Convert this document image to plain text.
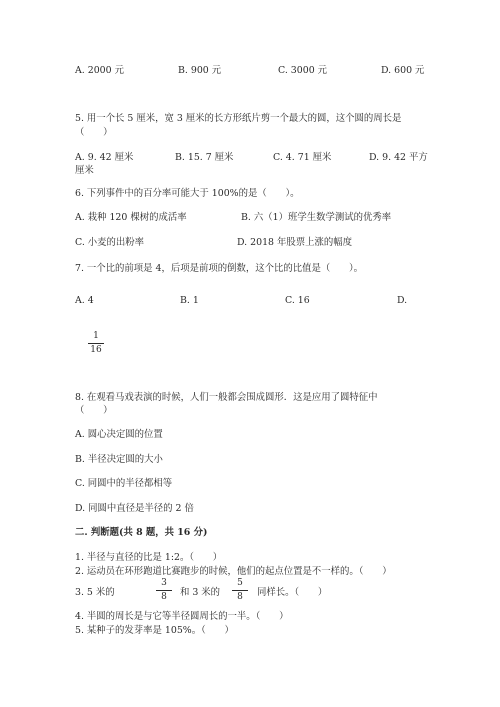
A. 2000 元	B. 900 元	C. 3000 元	D. 600 元
5. 用一个长 5 厘米，宽 3 厘米的长方形纸片剪一个最大的圆，这个圆的周长是
（　　）
A. 9. 42 厘米	B. 15. 7 厘米	C. 4. 71 厘米	D. 9. 42 平方
厘米
6. 下列事件中的百分率可能大于 100%的是（　　）。
A. 栽种 120 棵树的成活率	B. 六（1）班学生数学测试的优秀率
C. 小麦的出粉率	D. 2018 年股票上涨的幅度
7. 一个比的前项是 4，后项是前项的倒数，这个比的比值是（　　）。
A. 4	B. 1	C. 16	D.
1
16
8. 在观看马戏表演的时候，人们一般都会围成圆形．这是应用了圆特征中
（　　）
A. 圆心决定圆的位置
B. 半径决定圆的大小
C. 同圆中的半径都相等
D. 同圆中直径是半径的 2 倍
二. 判断题(共 8 题，共 16 分)
1. 半径与直径的比是 1:2。（　　）
2. 运动员在环形跑道比赛跑步的时候，他们的起点位置是不一样的。（　　）
3. 5 米的
3
8	和 3 米的
5
8	同样长。（　　）
4. 半圆的周长是与它等半径圆周长的一半。（　　）
5. 某种子的发芽率是 105%。（　　）
